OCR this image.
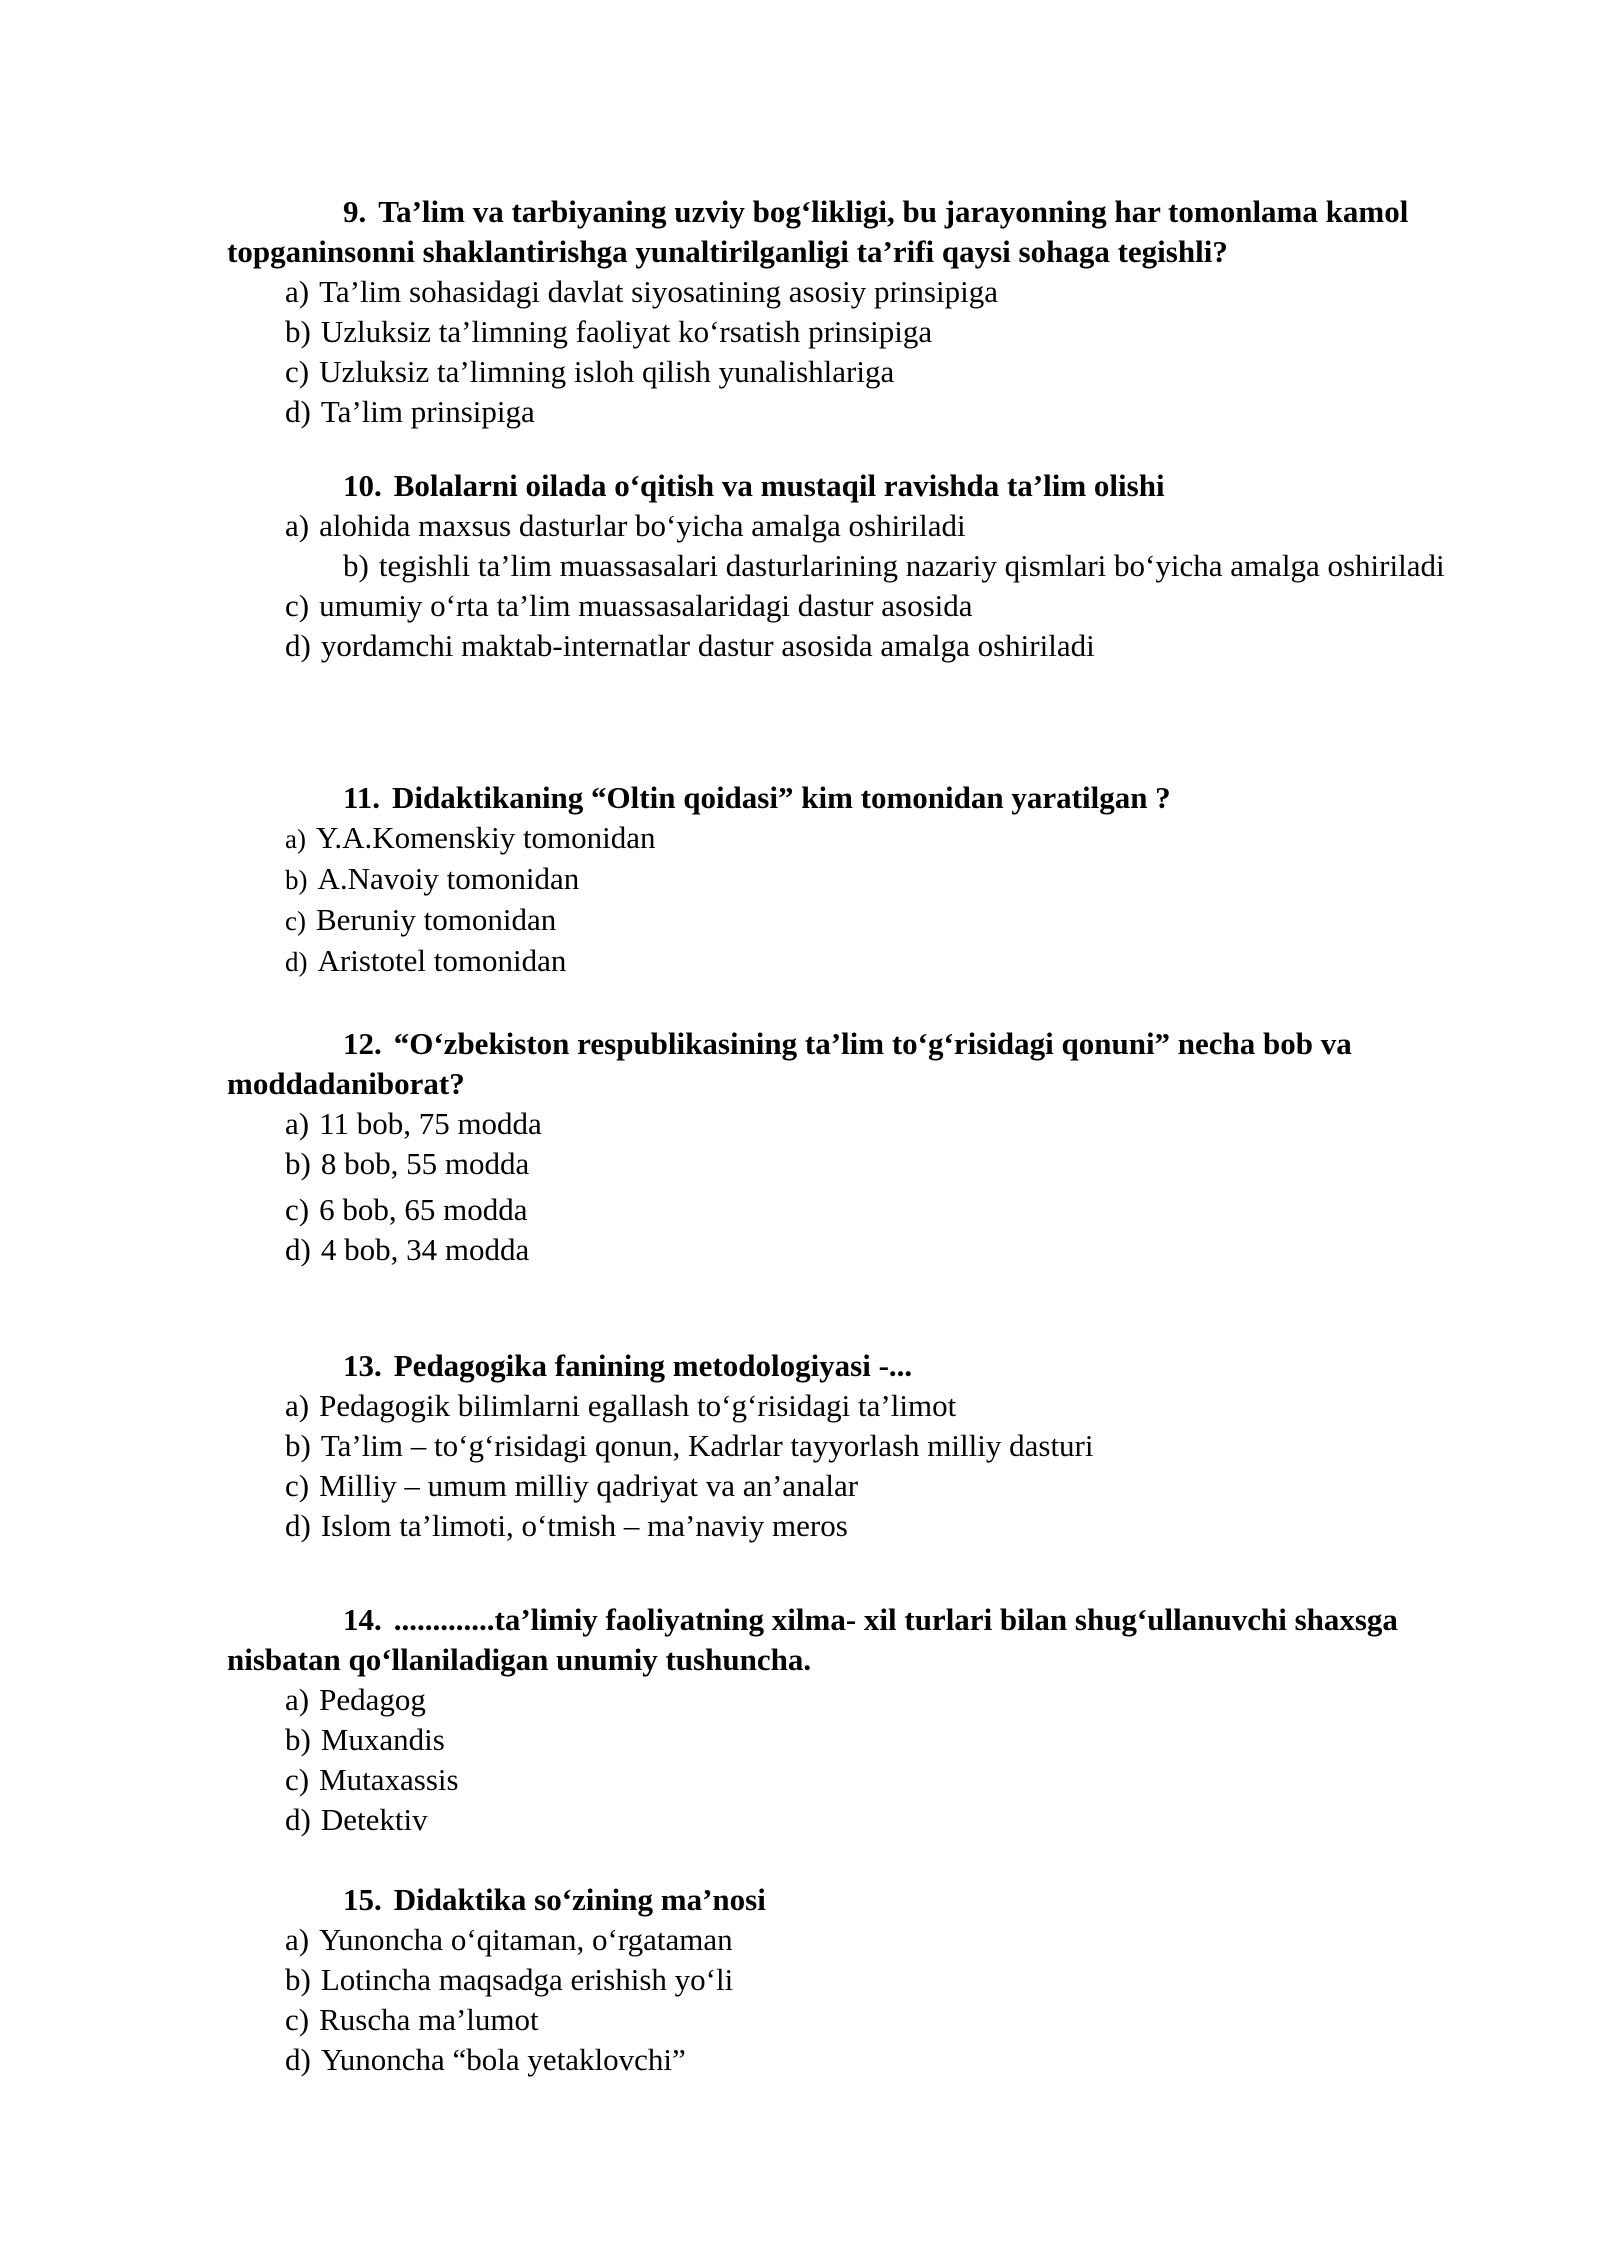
9. Ta’lim va tarbiyaning uzviy bog‘likligi, bu jarayonning har tomonlama kamol topganinsonni shaklantirishga yunaltirilganligi ta’rifi qaysi sohaga tegishli?

a) Ta’lim sohasidagi davlat siyosatining asosiy prinsipiga

b) Uzluksiz ta’limning faoliyat ko‘rsatish prinsipiga

c) Uzluksiz ta’limning isloh qilish yunalishlariga

d) Ta’lim prinsipiga

10. Bolalarni oilada o‘qitish va mustaqil ravishda ta’lim olishi

a) alohida maxsus dasturlar bo‘yicha amalga oshiriladi

b) tegishli ta’lim muassasalari dasturlarining nazariy qismlari bo‘yicha amalga oshiriladi

c) umumiy o‘rta ta’lim muassasalaridagi dastur asosida

d) yordamchi maktab-internatlar dastur asosida amalga oshiriladi

11. Didaktikaning “Oltin qoidasi” kim tomonidan yaratilgan ?

a) Y.A.Komenskiy tomonidan

b) A.Navoiy tomonidan

c) Beruniy tomonidan

d) Aristotel tomonidan

12. “O‘zbekiston respublikasining ta’lim to‘g‘risidagi qonuni” necha bob va moddadaniborat?

a) 11 bob, 75 modda

b) 8 bob, 55 modda

c) 6 bob, 65 modda

d) 4 bob, 34 modda

13. Pedagogika fanining metodologiyasi -...

a) Pedagogik bilimlarni egallash to‘g‘risidagi ta’limot

b) Ta’lim – to‘g‘risidagi qonun, Kadrlar tayyorlash milliy dasturi

c) Milliy – umum milliy qadriyat va an’analar

d) Islom ta’limoti, o‘tmish – ma’naviy meros

14. .............ta’limiy faoliyatning xilma- xil turlari bilan shug‘ullanuvchi shaxsga nisbatan qo‘llaniladigan unumiy tushuncha.

a) Pedagog

b) Muxandis

c) Mutaxassis

d) Detektiv

15. Didaktika so‘zining ma’nosi

a) Yunoncha o‘qitaman, o‘rgataman

b) Lotincha maqsadga erishish yo‘li

c) Ruscha ma’lumot

d) Yunoncha “bola yetaklovchi”
